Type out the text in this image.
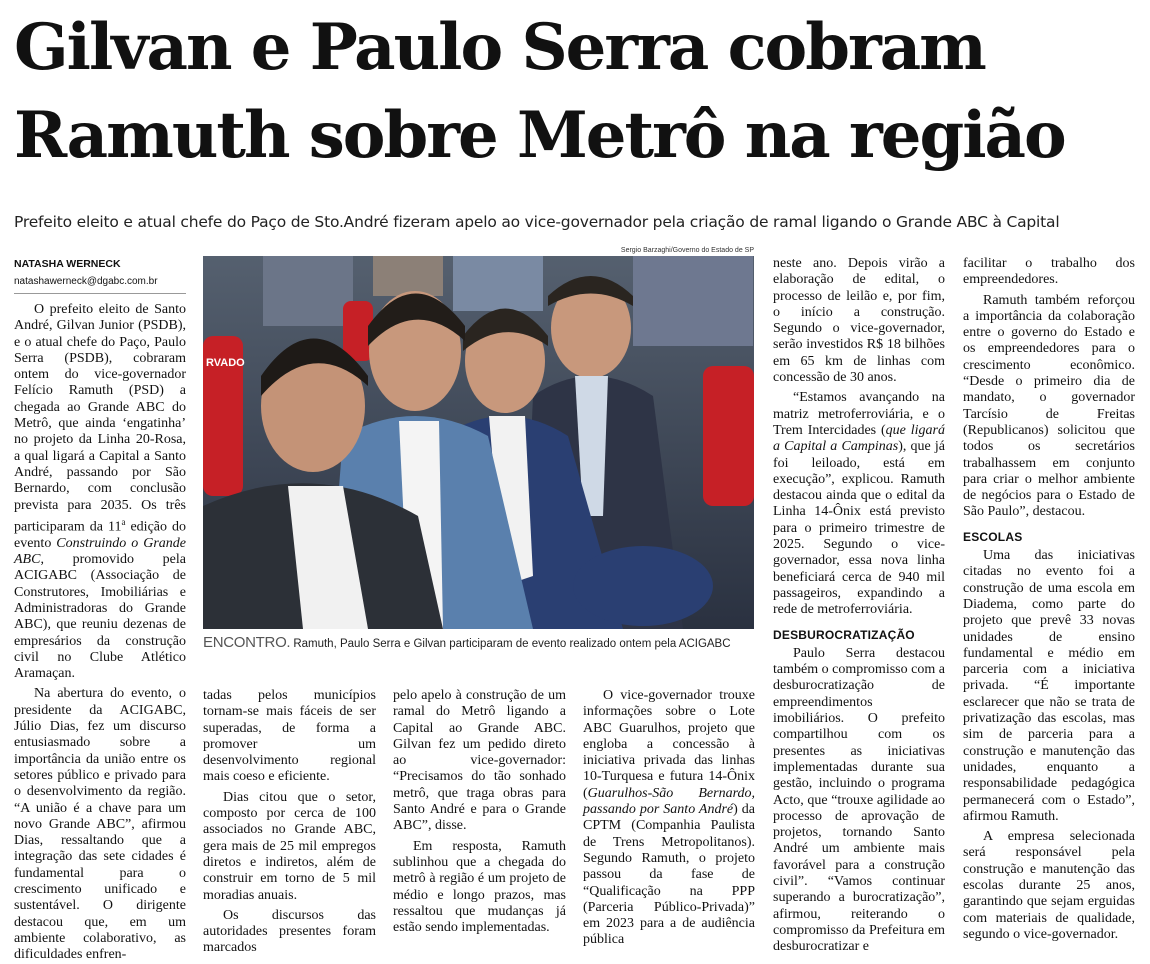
Gilvan e Paulo Serra cobram
Ramuth sobre Metrô na região
Prefeito eleito e atual chefe do Paço de Sto.André fizeram apelo ao vice-governador pela criação de ramal ligando o Grande ABC à Capital
NATASHA WERNECK
natashawerneck@dgabc.com.br

O prefeito eleito de Santo André, Gilvan Junior (PSDB), e o atual chefe do Paço, Paulo Serra (PSDB), cobraram ontem do vice-governador Felício Ramuth (PSD) a chegada ao Grande ABC do Metrô, que ainda ‘engatinha’ no projeto da Linha 20-Rosa, a qual ligará a Capital a Santo André, passando por São Bernardo, com conclusão prevista para 2035. Os três participaram da 11$^a$ edição do evento Construindo o Grande ABC, promovido pela ACIGABC (Associação de Construtores, Imobiliárias e Administradoras do Grande ABC), que reuniu dezenas de empresários da construção civil no Clube Atlético Aramaçan.

Na abertura do evento, o presidente da ACIGABC, Júlio Dias, fez um discurso entusiasmado sobre a importância da união entre os setores público e privado para o desenvolvimento da região. “A união é a chave para um novo Grande ABC”, afirmou Dias, ressaltando que a integração das sete cidades é fundamental para o crescimento unificado e sustentável. O dirigente destacou que, em um ambiente colaborativo, as dificuldades enfren-

Sergio Barzaghi/Governo do Estado de SP
RVADO
ENCONTRO. Ramuth, Paulo Serra e Gilvan participaram de evento realizado ontem pela ACIGABC

tadas pelos municípios tornam-se mais fáceis de ser superadas, de forma a promover um desenvolvimento regional mais coeso e eficiente.

Dias citou que o setor, composto por cerca de 100 associados no Grande ABC, gera mais de 25 mil empregos diretos e indiretos, além de construir em torno de 5 mil moradias anuais.

Os discursos das autoridades presentes foram marcados

pelo apelo à construção de um ramal do Metrô ligando a Capital ao Grande ABC. Gilvan fez um pedido direto ao vice-governador: “Precisamos do tão sonhado metrô, que traga obras para Santo André e para o Grande ABC”, disse.

Em resposta, Ramuth sublinhou que a chegada do metrô à região é um projeto de médio e longo prazos, mas ressaltou que mudanças já estão sendo implementadas.

O vice-governador trouxe informações sobre o Lote ABC Guarulhos, projeto que engloba a concessão à iniciativa privada das linhas 10-Turquesa e futura 14-Ônix (Guarulhos-São Bernardo, passando por Santo André) da CPTM (Companhia Paulista de Trens Metropolitanos). Segundo Ramuth, o projeto passou da fase de “Qualificação na PPP (Parceria Público-Privada)” em 2023 para a de audiência pública

neste ano. Depois virão a elaboração de edital, o processo de leilão e, por fim, o início a construção. Segundo o vice-governador, serão investidos R$ 18 bilhões em 65 km de linhas com concessão de 30 anos.

“Estamos avançando na matriz metroferroviária, e o Trem Intercidades (que ligará a Capital a Campinas), que já foi leiloado, está em execução”, explicou. Ramuth destacou ainda que o edital da Linha 14-Ônix está previsto para o primeiro trimestre de 2025. Segundo o vice-governador, essa nova linha beneficiará cerca de 940 mil passageiros, expandindo a rede de metroferroviária.

DESBUROCRATIZAÇÃO

Paulo Serra destacou também o compromisso com a desburocratização de empreendimentos imobiliários. O prefeito compartilhou com os presentes as iniciativas implementadas durante sua gestão, incluindo o programa Acto, que “trouxe agilidade ao processo de aprovação de projetos, tornando Santo André um ambiente mais favorável para a construção civil”. “Vamos continuar superando a burocratização”, afirmou, reiterando o compromisso da Prefeitura em desburocratizar e

facilitar o trabalho dos empreendedores.

Ramuth também reforçou a importância da colaboração entre o governo do Estado e os empreendedores para o crescimento econômico. “Desde o primeiro dia de mandato, o governador Tarcísio de Freitas (Republicanos) solicitou que todos os secretários trabalhassem em conjunto para criar o melhor ambiente de negócios para o Estado de São Paulo”, destacou.

ESCOLAS

Uma das iniciativas citadas no evento foi a construção de uma escola em Diadema, como parte do projeto que prevê 33 novas unidades de ensino fundamental e médio em parceria com a iniciativa privada. “É importante esclarecer que não se trata de privatização das escolas, mas sim de parceria para a construção e manutenção das unidades, enquanto a responsabilidade pedagógica permanecerá com o Estado”, afirmou Ramuth.

A empresa selecionada será responsável pela construção e manutenção das escolas durante 25 anos, garantindo que sejam erguidas com materiais de qualidade, segundo o vice-governador.
